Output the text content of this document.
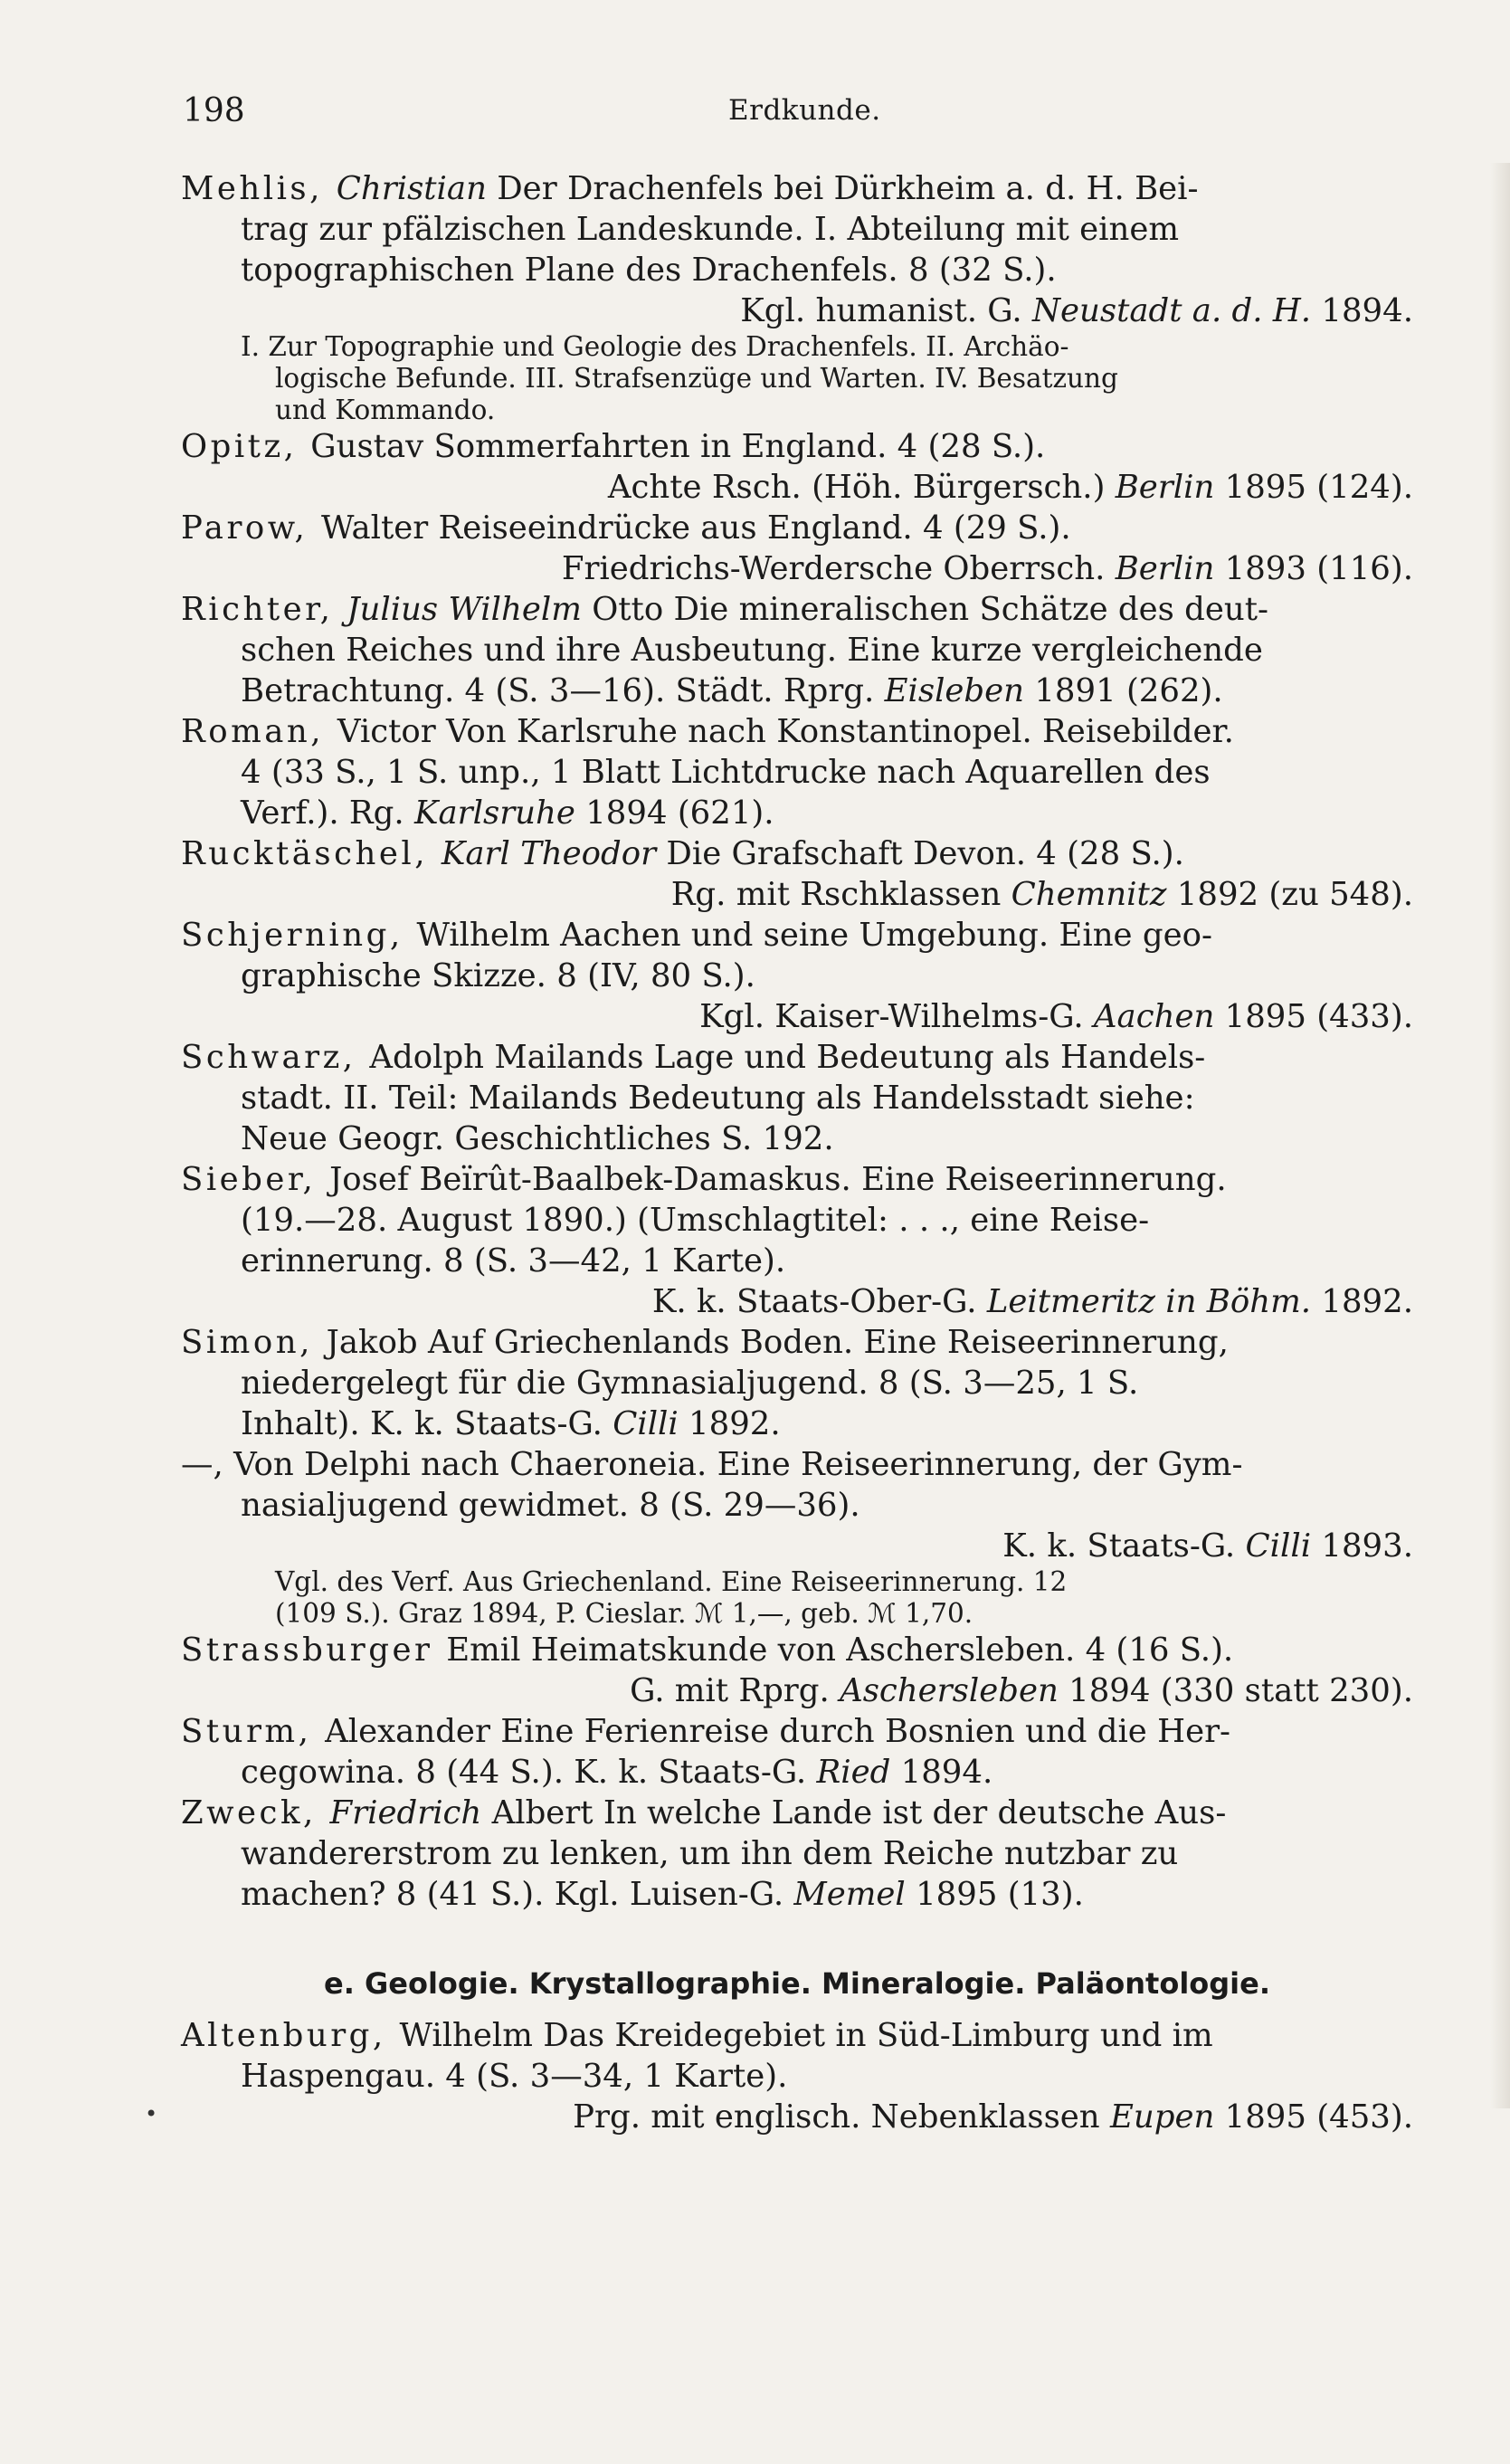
198	Erdkunde.
•
Mehlis, Christian Der Drachenfels bei Dürkheim a. d. H. Bei-
trag zur pfälzischen Landeskunde. I. Abteilung mit einem
topographischen Plane des Drachenfels. 8 (32 S.).
Kgl. humanist. G. Neustadt a. d. H. 1894.
I. Zur Topographie und Geologie des Drachenfels. II. Archäo-
logische Befunde. III. Strafsenzüge und Warten. IV. Besatzung
und Kommando.
Opitz, Gustav Sommerfahrten in England. 4 (28 S.).
Achte Rsch. (Höh. Bürgersch.) Berlin 1895 (124).
Parow, Walter Reiseeindrücke aus England. 4 (29 S.).
Friedrichs-Werdersche Oberrsch. Berlin 1893 (116).
Richter, Julius Wilhelm Otto Die mineralischen Schätze des deut-
schen Reiches und ihre Ausbeutung. Eine kurze vergleichende
Betrachtung. 4 (S. 3—16). Städt. Rprg. Eisleben 1891 (262).
Roman, Victor Von Karlsruhe nach Konstantinopel. Reisebilder.
4 (33 S., 1 S. unp., 1 Blatt Lichtdrucke nach Aquarellen des
Verf.). Rg. Karlsruhe 1894 (621).
Rucktäschel, Karl Theodor Die Grafschaft Devon. 4 (28 S.).
Rg. mit Rschklassen Chemnitz 1892 (zu 548).
Schjerning, Wilhelm Aachen und seine Umgebung. Eine geo-
graphische Skizze. 8 (IV, 80 S.).
Kgl. Kaiser-Wilhelms-G. Aachen 1895 (433).
Schwarz, Adolph Mailands Lage und Bedeutung als Handels-
stadt. II. Teil: Mailands Bedeutung als Handelsstadt siehe:
Neue Geogr. Geschichtliches S. 192.
Sieber, Josef Beïrût-Baalbek-Damaskus. Eine Reiseerinnerung.
(19.—28. August 1890.) (Umschlagtitel: . . ., eine Reise-
erinnerung. 8 (S. 3—42, 1 Karte).
K. k. Staats-Ober-G. Leitmeritz in Böhm. 1892.
Simon, Jakob Auf Griechenlands Boden. Eine Reiseerinnerung,
niedergelegt für die Gymnasialjugend. 8 (S. 3—25, 1 S.
Inhalt). K. k. Staats-G. Cilli 1892.
—, Von Delphi nach Chaeroneia. Eine Reiseerinnerung, der Gym-
nasialjugend gewidmet. 8 (S. 29—36).
K. k. Staats-G. Cilli 1893.
Vgl. des Verf. Aus Griechenland. Eine Reiseerinnerung. 12
(109 S.). Graz 1894, P. Cieslar. ℳ 1,—, geb. ℳ 1,70.
Strassburger Emil Heimatskunde von Aschersleben. 4 (16 S.).
G. mit Rprg. Aschersleben 1894 (330 statt 230).
Sturm, Alexander Eine Ferienreise durch Bosnien und die Her-
cegowina. 8 (44 S.). K. k. Staats-G. Ried 1894.
Zweck, Friedrich Albert In welche Lande ist der deutsche Aus-
wandererstrom zu lenken, um ihn dem Reiche nutzbar zu
machen? 8 (41 S.). Kgl. Luisen-G. Memel 1895 (13).
e. Geologie. Krystallographie. Mineralogie. Paläontologie.
Altenburg, Wilhelm Das Kreidegebiet in Süd-Limburg und im
Haspengau. 4 (S. 3—34, 1 Karte).
Prg. mit englisch. Nebenklassen Eupen 1895 (453).
